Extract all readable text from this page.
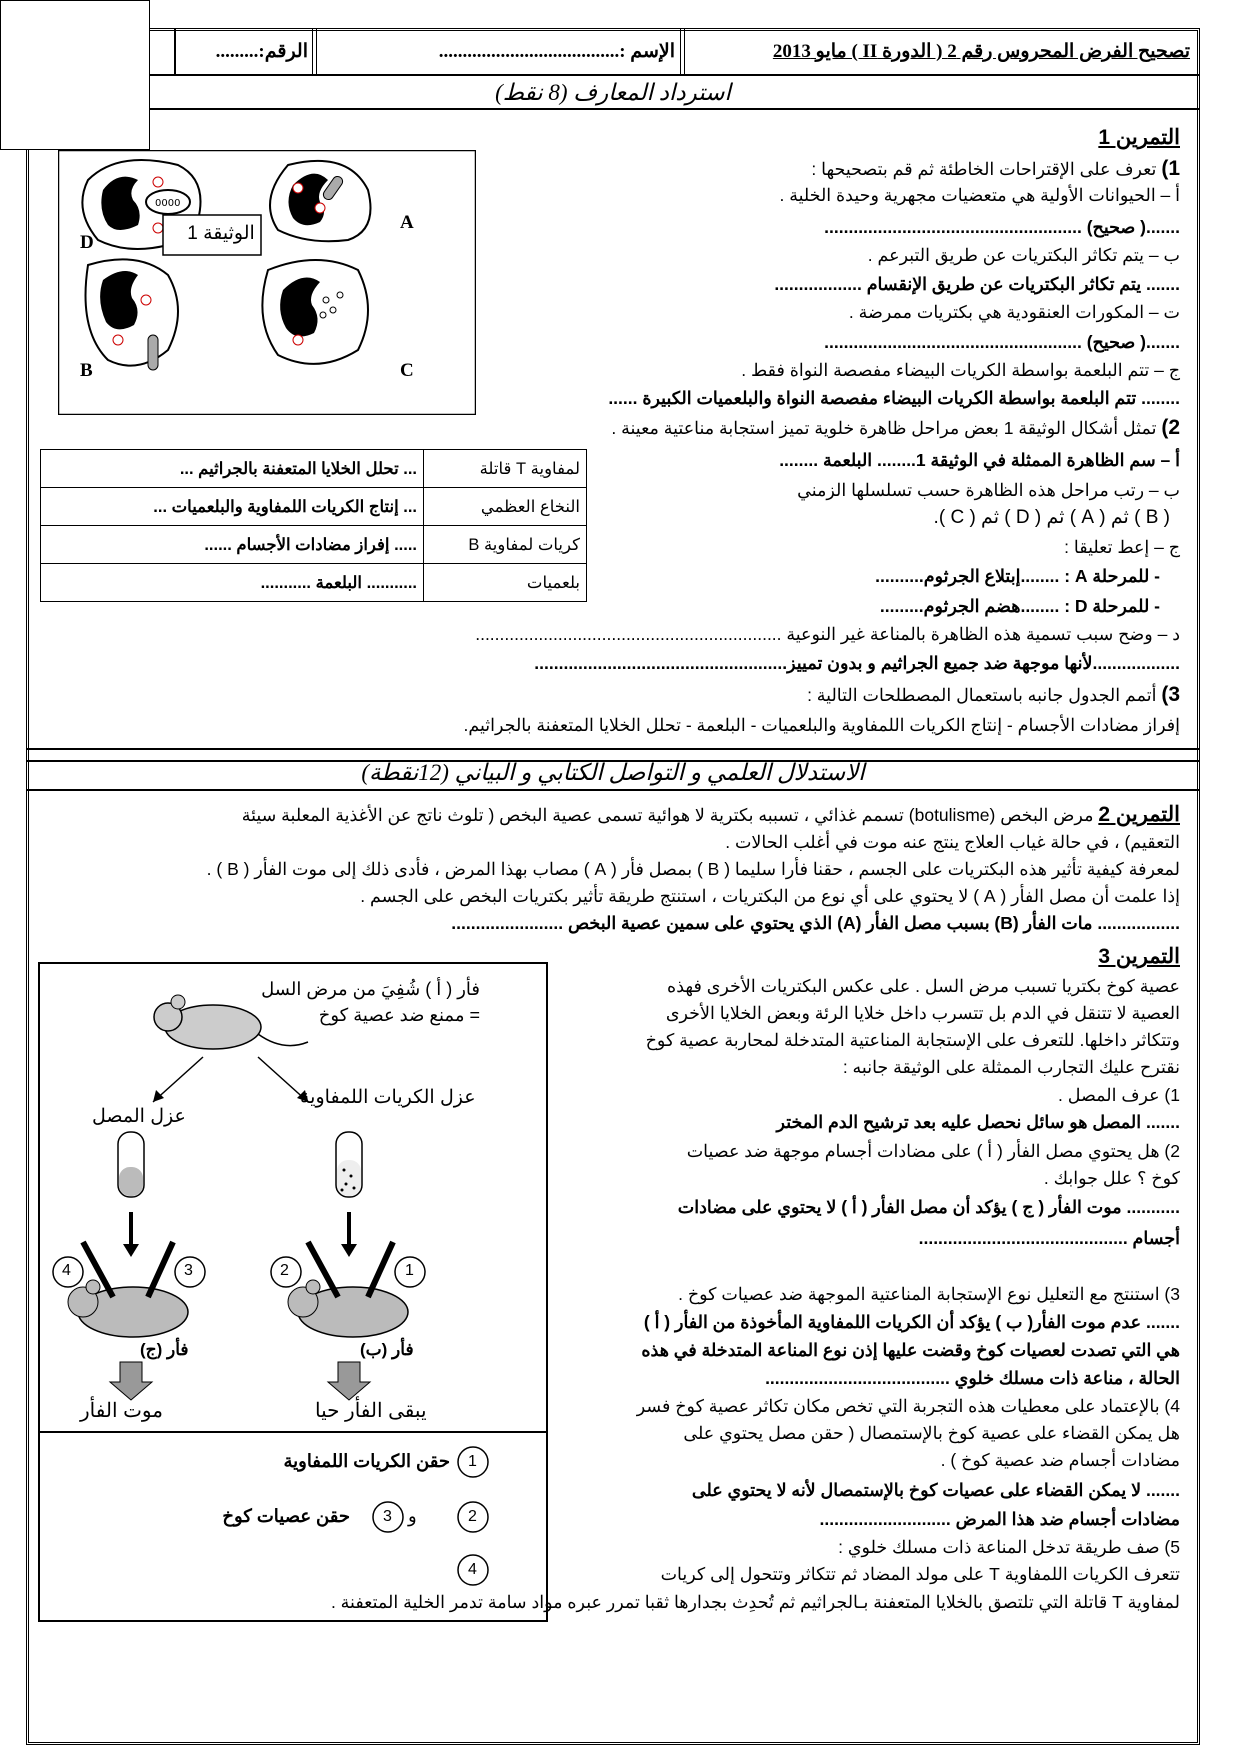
تصحيح الفرض المحروس رقم 2 ( الدورة II ) مايو 2013
الإسم :......................................
الرقم:.........
استرداد المعارف (8 نقط)
0000
الوثيقة 1
A
B	C
D
التمرين 1
1) تعرف على الإقتراحات الخاطئة ثم قم بتصحيحها :
أ – الحيوانات الأولية هي متعضيات مجهرية وحيدة الخلية .
.......( صحيح) .....................................................
ب – يتم تكاثر البكتريات عن طريق التبرعم .
....... يتم تكاثر البكتريات عن طريق الإنقسام ..................
ت – المكورات العنقودية هي بكتريات ممرضة .
.......( صحيح) .....................................................
ج – تتم البلعمة بواسطة الكريات البيضاء مفصصة النواة فقط .
........ تتم البلعمة بواسطة الكريات البيضاء مفصصة النواة والبلعميات الكبيرة ......
2) تمثل أشكال الوثيقة 1 بعض مراحل ظاهرة خلوية تميز استجابة مناعتية معينة .
أ – سم الظاهرة الممثلة في الوثيقة 1........ البلعمة ........
ب – رتب مراحل هذه الظاهرة حسب تسلسلها الزمني
( B ) ثم ( A ) ثم ( D ) ثم ( C ).
ج – إعط تعليقا :
- للمرحلة A : ........إبتلاع الجرثوم..........
- للمرحلة D : ........هضم الجرثوم.........
د – وضح سبب تسمية هذه الظاهرة بالمناعة غير النوعية ...............................................................
..................لأنها موجهة ضد جميع الجراثيم و بدون تمييز....................................................
3) أتمم الجدول جانبه باستعمال المصطلحات التالية :
إفراز مضادات الأجسام - إنتاج الكريات اللمفاوية والبلعميات - البلعمة - تحلل الخلايا المتعفنة بالجراثيم.
لمفاوية T قاتلة	... تحلل الخلايا المتعفنة بالجراثيم ...
النخاع العظمي	... إنتاج الكريات اللمفاوية والبلعميات ...
كريات لمفاوية B	..... إفراز مضادات الأجسام ......
بلعميات	........... البلعمة ...........
الاستدلال العلمي و التواصل الكتابي و البياني (12نقطة)
التمرين 2 مرض البخص (botulisme) تسمم غذائي ، تسببه بكترية لا هوائية تسمى عصية البخص ( تلوث ناتج عن الأغذية المعلبة سيئة
التعقيم) ، في حالة غياب العلاج ينتج عنه موت في أغلب الحالات .
لمعرفة كيفية تأثير هذه البكتريات على الجسم ، حقنا فأرا سليما ( B ) بمصل فأر ( A ) مصاب بهذا المرض ، فأدى ذلك إلى موت الفأر ( B ) .
إذا علمت أن مصل الفأر ( A ) لا يحتوي على أي نوع من البكتريات ، استنتج طريقة تأثير بكتريات البخص على الجسم .
................. مات الفأر (B) بسبب مصل الفأر (A) الذي يحتوي على سمين عصية البخص .......................
التمرين 3
عصية كوخ بكتريا تسبب مرض السل . على عكس البكتريات الأخرى فهذه
العصية لا تتنقل في الدم بل تتسرب داخل خلايا الرئة وبعض الخلايا الأخرى
وتتكاثر داخلها. للتعرف على الإستجابة المناعتية المتدخلة لمحاربة عصية كوخ
نقترح عليك التجارب الممثلة على الوثيقة جانبه :
1) عرف المصل .
....... المصل هو سائل نحصل عليه بعد ترشيح الدم المختر
2) هل يحتوي مصل الفأر ( أ ) على مضادات أجسام موجهة ضد عصيات
كوخ ؟ علل جوابك .
........... موت الفأر ( ج ) يؤكد أن مصل الفأر ( أ ) لا يحتوي على مضادات
أجسام ...........................................
3) استنتج مع التعليل نوع الإستجابة المناعتية الموجهة ضد عصيات كوخ .
....... عدم موت الفأر( ب ) يؤكد أن الكريات اللمفاوية المأخوذة من الفأر ( أ )
هي التي تصدت لعصيات كوخ وقضت عليها إذن نوع المناعة المتدخلة في هذه
الحالة ، مناعة ذات مسلك خلوي ......................................
4) بالإعتماد على معطيات هذه التجربة التي تخص مكان تكاثر عصية كوخ فسر
هل يمكن القضاء على عصية كوخ بالإستمصال ( حقن مصل يحتوي على
مضادات أجسام ضد عصية كوخ ) .
....... لا يمكن القضاء على عصيات كوخ بالإستمصال لأنه لا يحتوي على
مضادات أجسام ضد هذا المرض ...........................
5) صف طريقة تدخل المناعة ذات مسلك خلوي :
تتعرف الكريات اللمفاوية T على مولد المضاد ثم تتكاثر وتتحول إلى كريات
لمفاوية T قاتلة التي تلتصق بالخلايا المتعفنة بـالجراثيم ثم تُحدِث بجدارها ثقبا تمرر عبره مواد سامة تدمر الخلية المتعفنة .
فأر ( أ ) شُفِيَ من مرض السل
= ممنع ضد عصية كوخ
عزل المصل
عزل الكريات اللمفاوية
4	3	2	1
فأر (ج)	فأر (ب)
موت الفأر	يبقى الفأر حيا
1
حقن الكريات اللمفاوية
2
و
3
حقن عصيات كوخ
4
